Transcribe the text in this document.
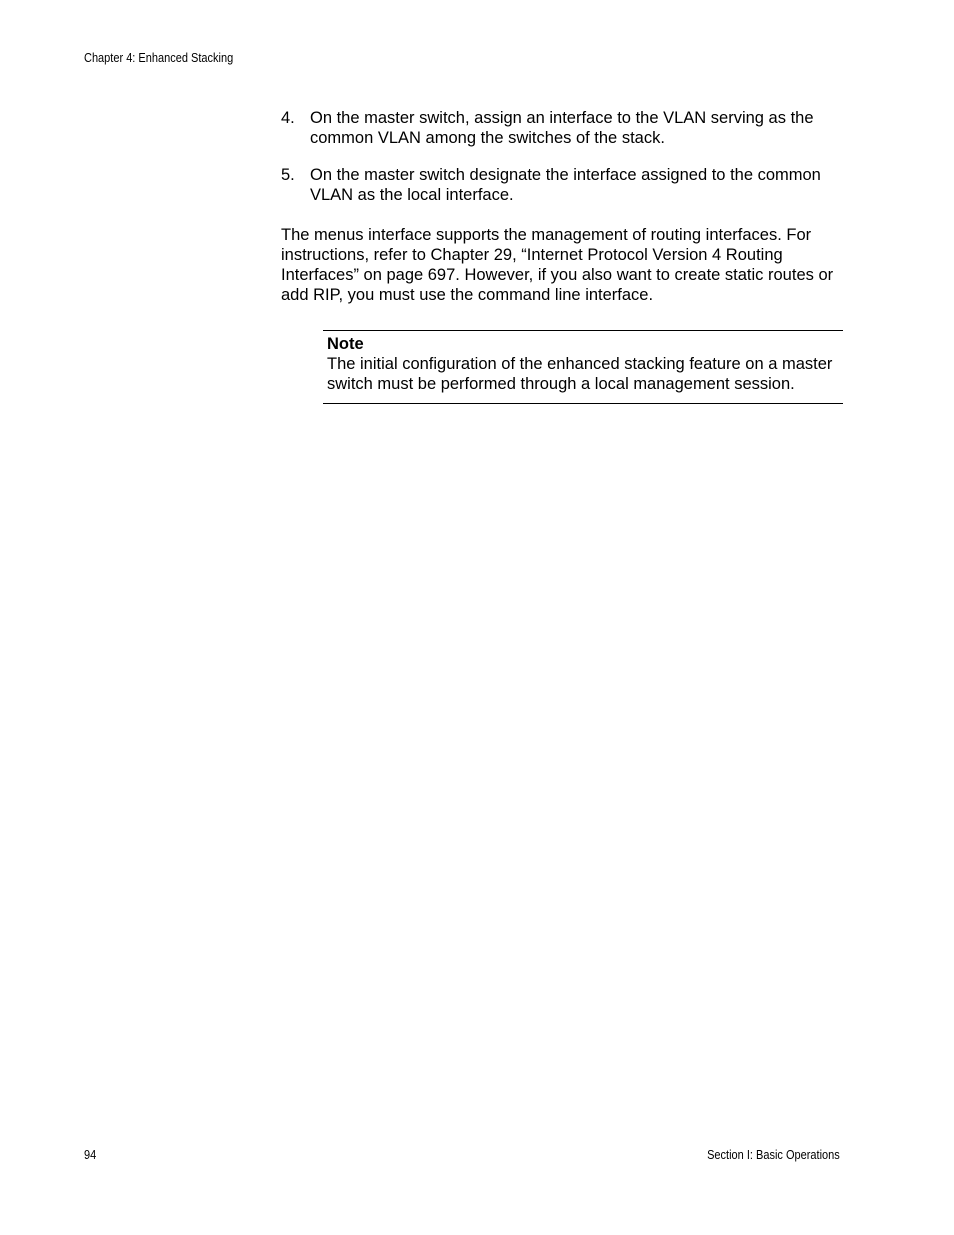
Chapter 4: Enhanced Stacking
4. On the master switch, assign an interface to the VLAN serving as the common VLAN among the switches of the stack.
5. On the master switch designate the interface assigned to the common VLAN as the local interface.

The menus interface supports the management of routing interfaces. For instructions, refer to Chapter 29, “Internet Protocol Version 4 Routing Interfaces” on page 697. However, if you also want to create static routes or add RIP, you must use the command line interface.

Note
The initial configuration of the enhanced stacking feature on a master switch must be performed through a local management session.
94	Section I: Basic Operations
